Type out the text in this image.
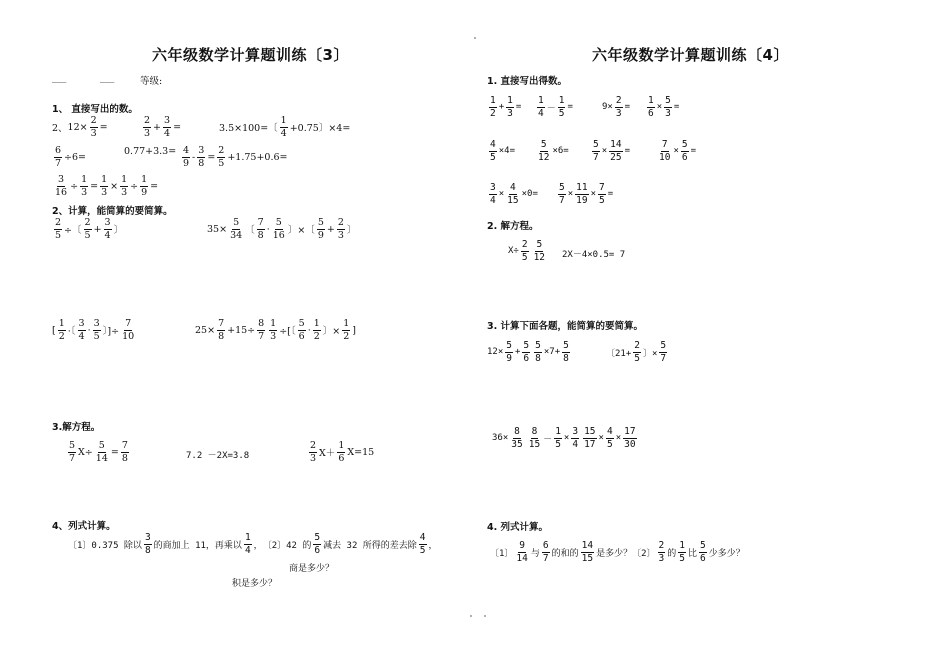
六年级数学计算题训练〔3〕
___	___	等级:
1、 直接写出的数。
2、 $12\times \frac{2}{3}$ =	$\frac{2}{3} + \frac{3}{4}$ =	3.5×100=〔 $\frac{1}{4} +0.75$〕×4=
$\frac{6}{7} \div 6=$	$0.77+3.3= \frac{4}{9} - \frac{3}{8} = \frac{2}{5} +1.75+0.6=$
$\frac{3}{16} \div \frac{1}{3} = \frac{1}{3} \times \frac{1}{3} \div \frac{1}{9}$ =
2、计算，能简算的要简算。
$\frac{2}{5}$ ÷〔 $\frac{2}{5} + \frac{3}{4}$ 〕	$35\times \frac{5}{34}$ 〔 $\frac{7}{8} \cdot \frac{5}{16}$ 〕×〔 $\frac{5}{9} + \frac{2}{3}$ 〕
[ $\frac{1}{2}$ ·〔 $\frac{3}{4} \cdot \frac{3}{5}$ 〕]÷ $\frac{7}{10}$	$25\times \frac{7}{8} +15\div \frac{8}{7} \frac{1}{3}$ ÷[〔 $\frac{5}{6} \cdot \frac{1}{2}$ 〕× $\frac{1}{2}$ ]
3.解方程。
$\frac{5}{7} X\div \frac{5}{14} = \frac{7}{8}$	7.2 －2X=3.8	$\frac{2}{3} X+ \frac{1}{6} X=15$
4、列式计算。
〔1〕0.375 除以 $\frac{3}{8}$ 的商加上 11，再乘以 $\frac{1}{4}$ ， 〔2〕42 的 $\frac{5}{6}$ 减去 32 所得的差去除 $\frac{4}{5}$ ，
商是多少？
积是多少？
六年级数学计算题训练〔4〕
1. 直接写出得数。
$\frac{1}{2} + \frac{1}{3} = \frac{1}{4} - \frac{1}{5}$ =	$9\times \frac{2}{3} = \frac{1}{6} \times \frac{5}{3}$ =
$\frac{4}{5} \times 4= \frac{5}{12} \times 6= \frac{5}{7} \times \frac{14}{25}$ =	$\frac{7}{10} \times \frac{5}{6}$ =
$\frac{3}{4} \times \frac{4}{15} \times 0= \frac{5}{7} \times \frac{11}{19} \times \frac{7}{5}$ =
2. 解方程。
$X\div \frac{2}{5} \frac{5}{12} 2X-4\times 0.5= 7$
3. 计算下面各题，能简算的要简算。
$12\times \frac{5}{9} + \frac{5}{6} \frac{5}{8} \times 7+ \frac{5}{8}$	〔$21+ \frac{2}{5}$ 〕× $\frac{5}{7}$
$36\times \frac{8}{35} \frac{8}{15} - \frac{1}{5} \times \frac{3}{4} \frac{15}{17} \times \frac{4}{5} \times \frac{17}{30}$
4. 列式计算。
〔1〕 $\frac{9}{14}$ 与 $\frac{6}{7}$ 的和的 $\frac{14}{15}$ 是多少？ 〔2〕 $\frac{2}{3}$ 的 $\frac{1}{5}$ 比 $\frac{5}{6}$ 少多少？
